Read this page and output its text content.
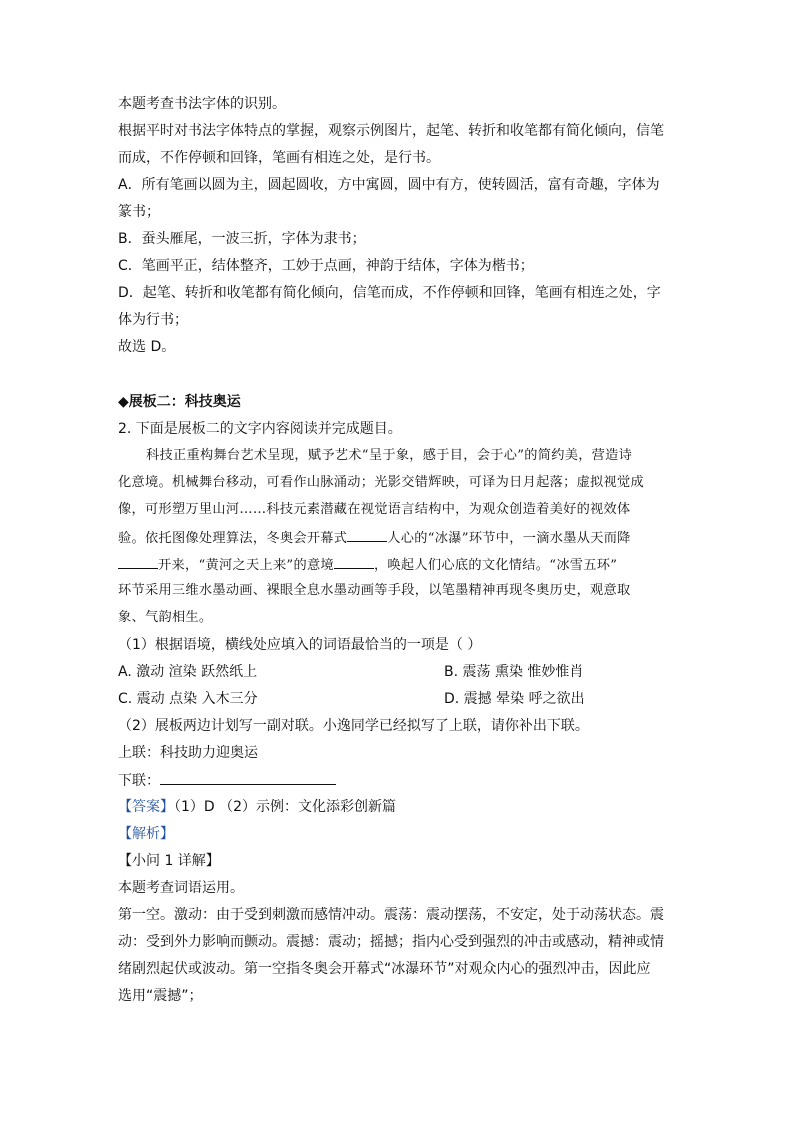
本题考查书法字体的识别。
根据平时对书法字体特点的掌握，观察示例图片，起笔、转折和收笔都有简化倾向，信笔
而成，不作停顿和回锋，笔画有相连之处，是行书。
A．所有笔画以圆为主，圆起圆收，方中寓圆，圆中有方，使转圆活，富有奇趣，字体为
篆书；
B．蚕头雁尾，一波三折，字体为隶书；
C．笔画平正，结体整齐，工妙于点画，神韵于结体，字体为楷书；
D．起笔、转折和收笔都有简化倾向，信笔而成，不作停顿和回锋，笔画有相连之处，字
体为行书；
故选 D。
◆展板二：科技奥运
2. 下面是展板二的文字内容阅读并完成题目。
科技正重构舞台艺术呈现，赋予艺术“呈于象，感于目，会于心”的简约美，营造诗
化意境。机械舞台移动，可看作山脉涌动；光影交错辉映，可译为日月起落；虚拟视觉成
像，可形塑万里山河……科技元素潜藏在视觉语言结构中，为观众创造着美好的视效体
验。依托图像处理算法，冬奥会开幕式	人心的“冰瀑”环节中，一滴水墨从天而降
开来，“黄河之天上来”的意境	，唤起人们心底的文化情结。“冰雪五环”
环节采用三维水墨动画、裸眼全息水墨动画等手段，以笔墨精神再现冬奥历史，观意取
象、气韵相生。
（1）根据语境，横线处应填入的词语最恰当的一项是（ ）
A. 激动 渲染 跃然纸上	B. 震荡 熏染 惟妙惟肖
C. 震动 点染 入木三分	D. 震撼 晕染 呼之欲出
（2）展板两边计划写一副对联。小逸同学已经拟写了上联，请你补出下联。
上联：科技助力迎奥运
下联：
【答案】（1）D （2）示例：文化添彩创新篇
【解析】
【小问 1 详解】
本题考查词语运用。
第一空。激动：由于受到刺激而感情冲动。震荡：震动摆荡，不安定，处于动荡状态。震
动：受到外力影响而颤动。震撼：震动；摇撼；指内心受到强烈的冲击或感动，精神或情
绪剧烈起伏或波动。第一空指冬奥会开幕式“冰瀑环节”对观众内心的强烈冲击，因此应
选用“震撼”；
